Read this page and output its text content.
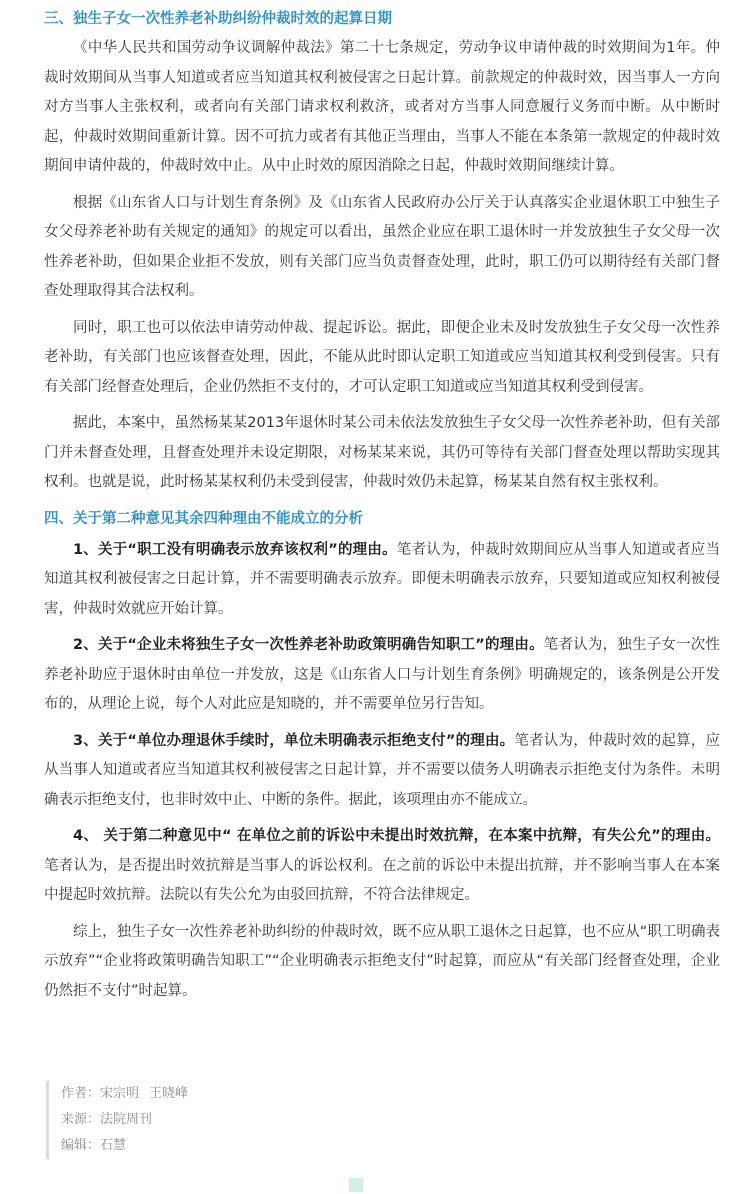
三、独生子女一次性养老补助纠纷仲裁时效的起算日期

《中华人民共和国劳动争议调解仲裁法》第二十七条规定，劳动争议申请仲裁的时效期间为1年。仲裁时效期间从当事人知道或者应当知道其权利被侵害之日起计算。前款规定的仲裁时效，因当事人一方向对方当事人主张权利，或者向有关部门请求权利救济，或者对方当事人同意履行义务而中断。从中断时起，仲裁时效期间重新计算。因不可抗力或者有其他正当理由，当事人不能在本条第一款规定的仲裁时效期间申请仲裁的，仲裁时效中止。从中止时效的原因消除之日起，仲裁时效期间继续计算。

根据《山东省人口与计划生育条例》及《山东省人民政府办公厅关于认真落实企业退休职工中独生子女父母养老补助有关规定的通知》的规定可以看出，虽然企业应在职工退休时一并发放独生子女父母一次性养老补助，但如果企业拒不发放，则有关部门应当负责督查处理，此时，职工仍可以期待经有关部门督查处理取得其合法权利。

同时，职工也可以依法申请劳动仲裁、提起诉讼。据此，即便企业未及时发放独生子女父母一次性养老补助，有关部门也应该督查处理，因此，不能从此时即认定职工知道或应当知道其权利受到侵害。只有有关部门经督查处理后，企业仍然拒不支付的，才可认定职工知道或应当知道其权利受到侵害。

据此，本案中，虽然杨某某2013年退休时某公司未依法发放独生子女父母一次性养老补助，但有关部门并未督查处理，且督查处理并未设定期限，对杨某某来说，其仍可等待有关部门督查处理以帮助实现其权利。也就是说，此时杨某某权利仍未受到侵害，仲裁时效仍未起算，杨某某自然有权主张权利。

四、关于第二种意见其余四种理由不能成立的分析

1、关于“职工没有明确表示放弃该权利”的理由。笔者认为，仲裁时效期间应从当事人知道或者应当知道其权利被侵害之日起计算，并不需要明确表示放弃。即便未明确表示放弃，只要知道或应知权利被侵害，仲裁时效就应开始计算。

2、关于“企业未将独生子女一次性养老补助政策明确告知职工”的理由。笔者认为，独生子女一次性养老补助应于退休时由单位一并发放，这是《山东省人口与计划生育条例》明确规定的，该条例是公开发布的，从理论上说，每个人对此应是知晓的，并不需要单位另行告知。

3、关于“单位办理退休手续时，单位未明确表示拒绝支付”的理由。笔者认为，仲裁时效的起算，应从当事人知道或者应当知道其权利被侵害之日起计算，并不需要以债务人明确表示拒绝支付为条件。未明确表示拒绝支付，也非时效中止、中断的条件。据此，该项理由亦不能成立。

4、 关于第二种意见中“ 在单位之前的诉讼中未提出时效抗辩，在本案中抗辩，有失公允”的理由。笔者认为，是否提出时效抗辩是当事人的诉讼权利。在之前的诉讼中未提出抗辩，并不影响当事人在本案中提起时效抗辩。法院以有失公允为由驳回抗辩，不符合法律规定。

综上，独生子女一次性养老补助纠纷的仲裁时效，既不应从职工退休之日起算，也不应从“职工明确表示放弃”“企业将政策明确告知职工”“企业明确表示拒绝支付”时起算，而应从“有关部门经督查处理，企业仍然拒不支付”时起算。

作者：宋宗明 王晓峰
来源：法院周刊
编辑：石慧
